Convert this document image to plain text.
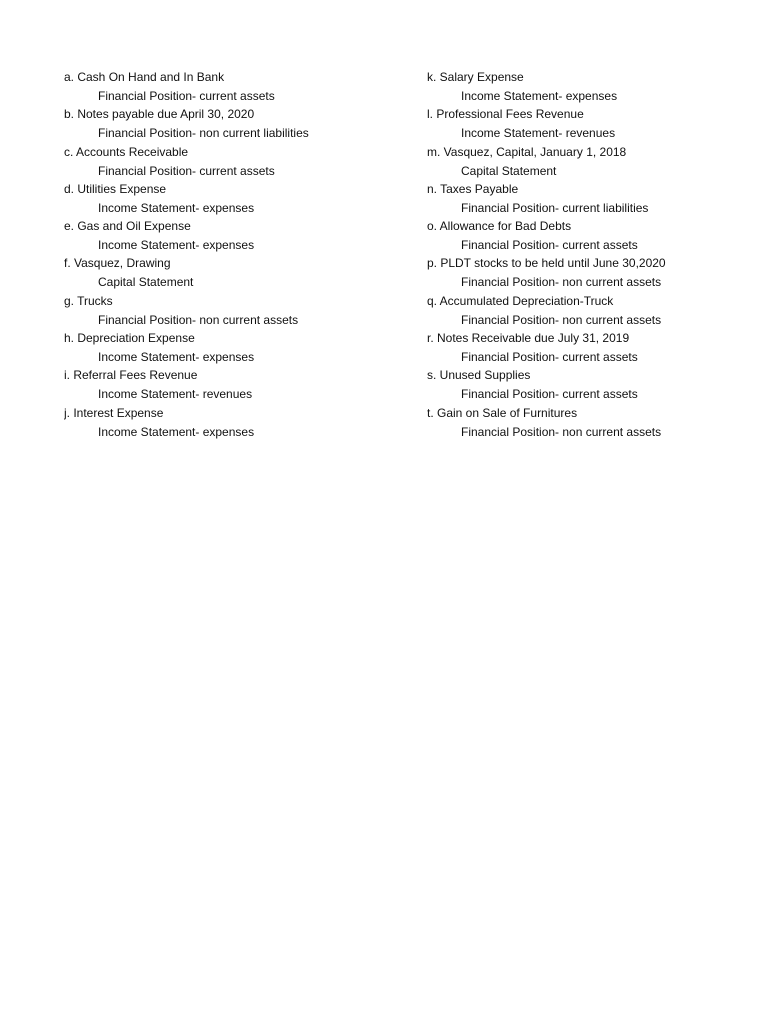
a. Cash On Hand and In Bank
Financial Position- current assets
b. Notes payable due April 30, 2020
Financial Position- non current liabilities
c. Accounts Receivable
Financial Position- current assets
d. Utilities Expense
Income Statement- expenses
e. Gas and Oil Expense
Income Statement- expenses
f. Vasquez, Drawing
Capital Statement
g. Trucks
Financial Position- non current assets
h. Depreciation Expense
Income Statement- expenses
i. Referral Fees Revenue
Income Statement- revenues
j. Interest Expense
Income Statement- expenses
k. Salary Expense
Income Statement- expenses
l. Professional Fees Revenue
Income Statement- revenues
m. Vasquez, Capital, January 1, 2018
Capital Statement
n. Taxes Payable
Financial Position- current liabilities
o. Allowance for Bad Debts
Financial Position- current assets
p. PLDT stocks to be held until June 30,2020
Financial Position- non current assets
q. Accumulated Depreciation-Truck
Financial Position- non current assets
r. Notes Receivable due July 31, 2019
Financial Position- current assets
s. Unused Supplies
Financial Position- current assets
t. Gain on Sale of Furnitures
Financial Position- non current assets
